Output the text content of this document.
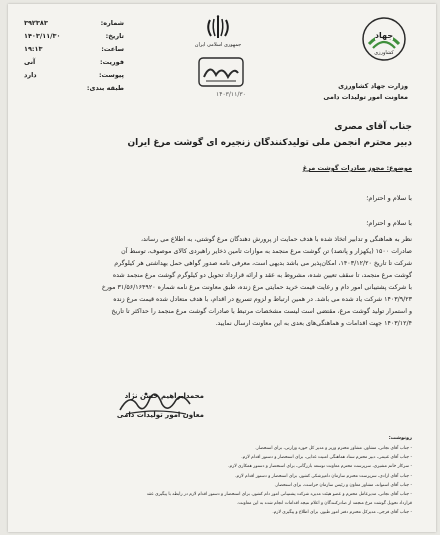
جهاد
کشاورزی
وزارت جهاد کشاورزی
معاونت امور تولیدات دامی
جمهوری اسلامی ایران
۱۴۰۳/۱۱/۳۰
شماره:
۳۹۲۳۸۳
تاریخ:
۱۴۰۳/۱۱/۳۰
ساعت:
۱۹:۱۳
فوریت:
آنی
پیوست:
دارد
طبقه بندی:
جناب آقای مصری
دبیر محترم انجمن ملی تولیدکنندگان زنجیره ای گوشت مرغ ایران
موضوع: مجوز صادرات گوشت مرغ
با سلام و احترام؛
با سلام و احترام؛
نظر به هماهنگی و تدابیر اتخاذ شده با هدف حمایت از پرورش دهندگان مرغ گوشتی، به اطلاع می رساند،
صادرات ۱۵۰۰ (یکهزار و پانصد) تن گوشت مرغ منجمد به موازات تامین ذخایر راهبردی کالای موصوف، توسط آن
شرکت تا تاریخ ۱۴۰۳/۱۲/۲۰، امکان‌پذیر می باشد بدیهی است، معرفی نامه صدور گواهی حمل بهداشتی هر کیلوگرم
گوشت مرغ منجمد، تا سقف تعیین شده، مشروط به عقد و ارائه قرارداد تحویل دو کیلوگرم گوشت مرغ منجمد شده
با شرکت پشتیبانی امور دام و رعایت قیمت خرید حمایتی مرغ زنده، طبق معاونت مرغ نامه شماره ۳۱/۵۶/۱۶۴۹۲۰ مورخ
۱۴۰۳/۹/۲۳ شرکت یاد شده می باشد. در همین ارتباط و لزوم تسریع در اقدام، با هدف متعادل شده قیمت مرغ زنده
و استمرار تولید گوشت مرغ، مقتضی است لیست مشخصات مرتبط با صادرات گوشت مرغ منجمد را حداکثر تا تاریخ
۱۴۰۳/۱۲/۴ جهت اقدامات و هماهنگی‌های بعدی به این معاونت ارسال نمایید.
محمدابراهیم حسن نژاد
معاون امور تولیدات دامی
رونوشت:
- جناب آقای نجاتی، مشاور، مشاور محترم وزیر و مدیر کل حوزه وزارتی، برای استحضار.
- جناب آقای غنیمی، دبیر محترم ستاد هماهنگی امنیت غذایی، برای استحضار و دستور اقدام لازم.
- سرکار خانم مشیری، سرپرست محترم معاونت توسعه بازرگانی، برای استحضار و دستور همکاری لازم.
- جناب آقای ازادی، سرپرست محترم سازمان دامپزشکی کشور، برای استحضار و دستور اقدام لازم.
- جناب آقای استوانه، مشاور معاون و رئیس سازمان حراست، برای استحضار.
- جناب آقای نجاتی، مدیرعامل محترم و عضو هیئت مدیره شرکت پشتیبانی امور دام کشور، برای استحضار و دستور اقدام لازم در رابطه با پیگیری عقد
قرارداد تحویل گوشت مرغ منجمد از صادرکنندگان و اعلام نتیجه اقدامات انجام شده به این معاونت.
- جناب آقای فرجی، مدیرکل محترم دفتر امور طیور، برای اطلاع و پیگیری لازم.
